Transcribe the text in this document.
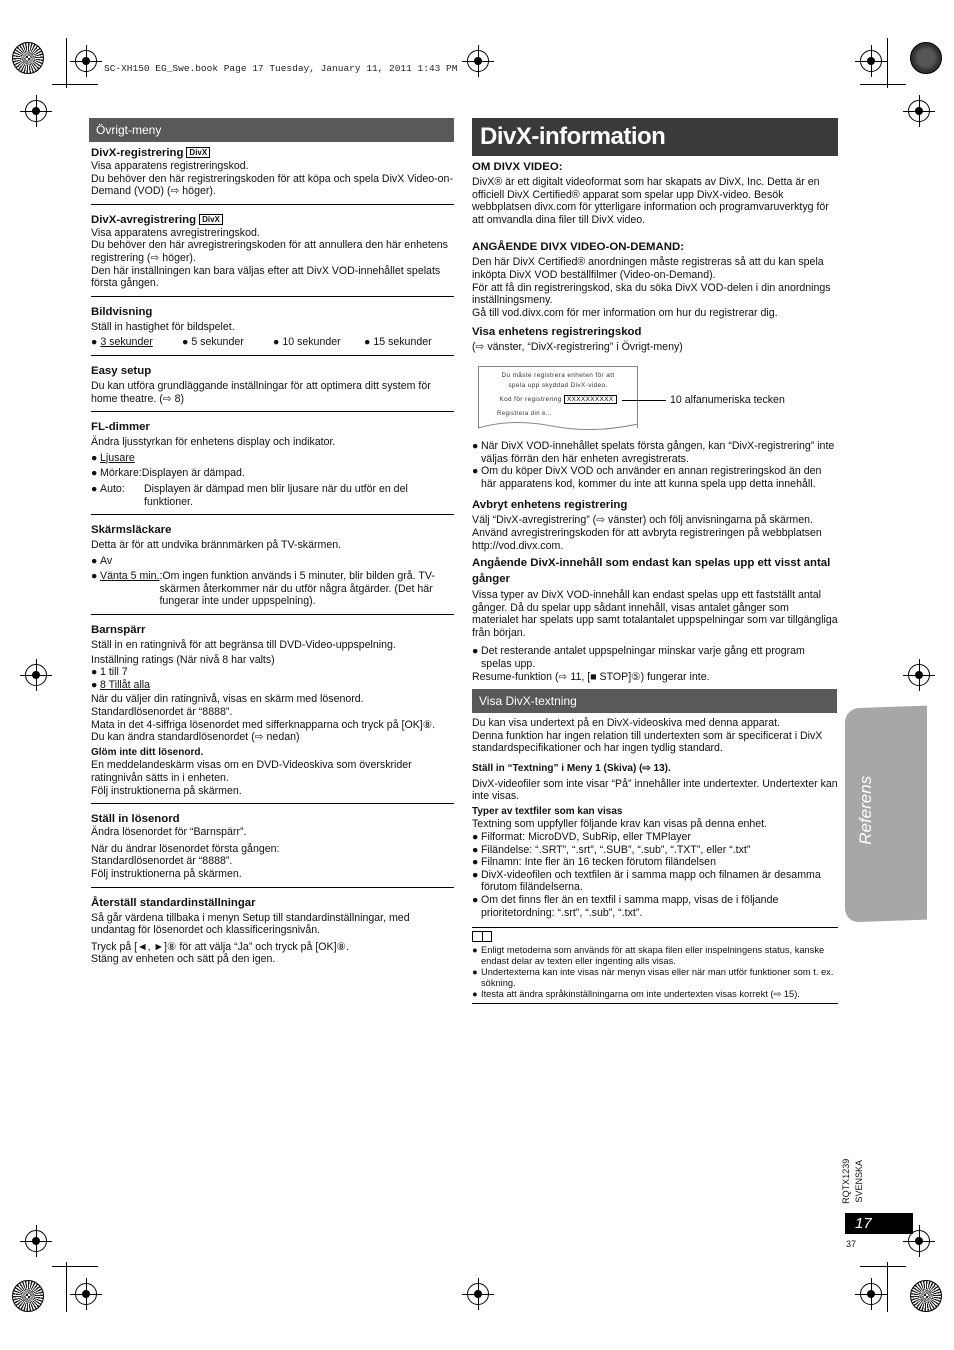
SC-XH150 EG_Swe.book Page 17 Tuesday, January 11, 2011 1:43 PM
Övrigt-meny
DivX-registrering DivX
Visa apparatens registreringskod.
Du behöver den här registreringskoden för att köpa och spela DivX Video-on-Demand (VOD) (⇨ höger).
DivX-avregistrering DivX
Visa apparatens avregistreringskod.
Du behöver den här avregistreringskoden för att annullera den här enhetens registrering (⇨ höger).
Den här inställningen kan bara väljas efter att DivX VOD-innehållet spelats första gången.
Bildvisning
Ställ in hastighet för bildspelet.
● 3 sekunder	● 5 sekunder	● 10 sekunder	● 15 sekunder
Easy setup
Du kan utföra grundläggande inställningar för att optimera ditt system för home theatre. (⇨ 8)
FL-dimmer
Ändra ljusstyrkan för enhetens display och indikator.
● Ljusare
● Mörkare:Displayen är dämpad.
● Auto:	Displayen är dämpad men blir ljusare när du utför en del funktioner.
Skärmsläckare
Detta är för att undvika brännmärken på TV-skärmen.
● Av
● Vänta 5 min. :Om ingen funktion används i 5 minuter, blir bilden grå. TV-skärmen återkommer när du utför några åtgärder. (Det här fungerar inte under uppspelning).
Barnspärr
Ställ in en ratingnivå för att begränsa till DVD-Video-uppspelning.
Inställning ratings (När nivå 8 har valts)
● 1 till 7
● 8 Tillåt alla
När du väljer din ratingnivå, visas en skärm med lösenord.
Standardlösenordet är “8888”.
Mata in det 4-siffriga lösenordet med sifferknapparna och tryck på [OK]⑧.
Du kan ändra standardlösenordet (⇨ nedan)
Glöm inte ditt lösenord.
En meddelandeskärm visas om en DVD-Videoskiva som överskrider ratingnivån sätts in i enheten.
Följ instruktionerna på skärmen.
Ställ in lösenord
Ändra lösenordet för “Barnspärr”.
När du ändrar lösenordet första gången:
Standardlösenordet är “8888”.
Följ instruktionerna på skärmen.
Återställ standardinställningar
Så går värdena tillbaka i menyn Setup till standardinställningar, med undantag för lösenordet och klassificeringsnivån.
Tryck på [◄, ►]⑧ för att välja “Ja” och tryck på [OK]⑧.
Stäng av enheten och sätt på den igen.
DivX-information
OM DIVX VIDEO:
DivX® är ett digitalt videoformat som har skapats av DivX, Inc. Detta är en officiell DivX Certified® apparat som spelar upp DivX-video. Besök webbplatsen divx.com för ytterligare information och programvaruverktyg för att omvandla dina filer till DivX video.
ANGÅENDE DIVX VIDEO-ON-DEMAND:
Den här DivX Certified® anordningen måste registreras så att du kan spela inköpta DivX VOD beställfilmer (Video-on-Demand).
För att få din registreringskod, ska du söka DivX VOD-delen i din anordnings inställningsmeny.
Gå till vod.divx.com för mer information om hur du registrerar dig.
Visa enhetens registreringskod
(⇨ vänster, “DivX-registrering” i Övrigt-meny)
Du måste registrera enheten för att
spela upp skyddad DivX-video.
Kod för registrering XXXXXXXXXX
Registrera din e...
10 alfanumeriska tecken
● När DivX VOD-innehållet spelats första gången, kan “DivX-registrering” inte väljas förrän den här enheten avregistrerats.
● Om du köper DivX VOD och använder en annan registreringskod än den här apparatens kod, kommer du inte att kunna spela upp detta innehåll.
Avbryt enhetens registrering
Välj “DivX-avregistrering” (⇨ vänster) och följ anvisningarna på skärmen.
Använd avregistreringskoden för att avbryta registreringen på webbplatsen http://vod.divx.com.
Angående DivX-innehåll som endast kan spelas upp ett visst antal gånger
Vissa typer av DivX VOD-innehåll kan endast spelas upp ett fastställt antal gånger. Då du spelar upp sådant innehåll, visas antalet gånger som materialet har spelats upp samt totalantalet uppspelningar som var tillgängliga från början.
● Det resterande antalet uppspelningar minskar varje gång ett program spelas upp.
Resume-funktion (⇨ 11, [■ STOP]⑤) fungerar inte.
Visa DivX-textning
Du kan visa undertext på en DivX-videoskiva med denna apparat.
Denna funktion har ingen relation till undertexten som är specificerat i DivX standardspecifikationer och har ingen tydlig standard.
Ställ in “Textning” i Meny 1 (Skiva) (⇨ 13).
DivX-videofiler som inte visar “På” innehåller inte undertexter. Undertexter kan inte visas.
Typer av textfiler som kan visas
Textning som uppfyller följande krav kan visas på denna enhet.
● Filformat: MicroDVD, SubRip, eller TMPlayer
● Filändelse: “.SRT”, “.srt”, “.SUB”, “.sub”, “.TXT”, eller “.txt”
● Filnamn: Inte fler än 16 tecken förutom filändelsen
● DivX-videofilen och textfilen är i samma mapp och filnamen är desamma förutom filändelserna.
● Om det finns fler än en textfil i samma mapp, visas de i följande prioritetordning: “.srt”, “.sub”, “.txt”.
● Enligt metoderna som används för att skapa filen eller inspelningens status, kanske endast delar av texten eller ingenting alls visas.
● Undertexterna kan inte visas när menyn visas eller när man utför funktioner som t. ex. sökning.
● Itesta att ändra språkinställningarna om inte undertexten visas korrekt (⇨ 15).
Referens
RQTX1239 SVENSKA
17
37
